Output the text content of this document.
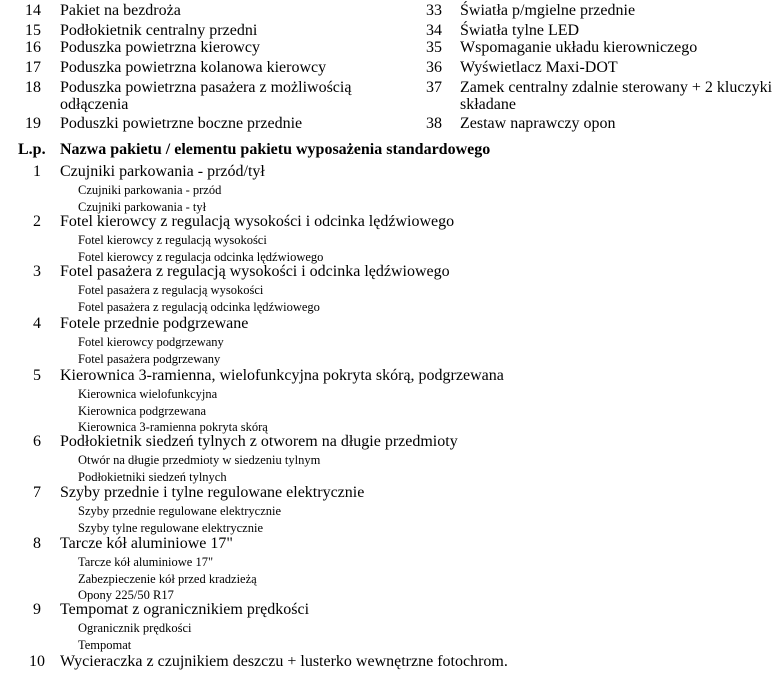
14	Pakiet na bezdroża
15	Podłokietnik centralny przedni
16	Poduszka powietrzna kierowcy
17	Poduszka powietrzna kolanowa kierowcy
18	Poduszka powietrzna pasażera z możliwością
odłączenia
19	Poduszki powietrzne boczne przednie
33	Światła p/mgielne przednie
34	Światła tylne LED
35	Wspomaganie układu kierowniczego
36	Wyświetlacz Maxi-DOT
37	Zamek centralny zdalnie sterowany + 2 kluczyki
składane
38	Zestaw naprawczy opon
L.p. Nazwa pakietu / elementu pakietu wyposażenia standardowego
1	Czujniki parkowania - przód/tył
Czujniki parkowania - przód
Czujniki parkowania - tył
2	Fotel kierowcy z regulacją wysokości i odcinka lędźwiowego
Fotel kierowcy z regulacją wysokości
Fotel kierowcy z regulacja odcinka lędźwiowego
3	Fotel pasażera z regulacją wysokości i odcinka lędźwiowego
Fotel pasażera z regulacją wysokości
Fotel pasażera z regulacją odcinka lędźwiowego
4	Fotele przednie podgrzewane
Fotel kierowcy podgrzewany
Fotel pasażera podgrzewany
5	Kierownica 3-ramienna, wielofunkcyjna pokryta skórą, podgrzewana
Kierownica wielofunkcyjna
Kierownica podgrzewana
Kierownica 3-ramienna pokryta skórą
6	Podłokietnik siedzeń tylnych z otworem na długie przedmioty
Otwór na długie przedmioty w siedzeniu tylnym
Podłokietniki siedzeń tylnych
7	Szyby przednie i tylne regulowane elektrycznie
Szyby przednie regulowane elektrycznie
Szyby tylne regulowane elektrycznie
8	Tarcze kół aluminiowe 17"
Tarcze kół aluminiowe 17"
Zabezpieczenie kół przed kradzieżą
Opony 225/50 R17
9	Tempomat z ogranicznikiem prędkości
Ogranicznik prędkości
Tempomat
10 Wycieraczka z czujnikiem deszczu + lusterko wewnętrzne fotochrom.
